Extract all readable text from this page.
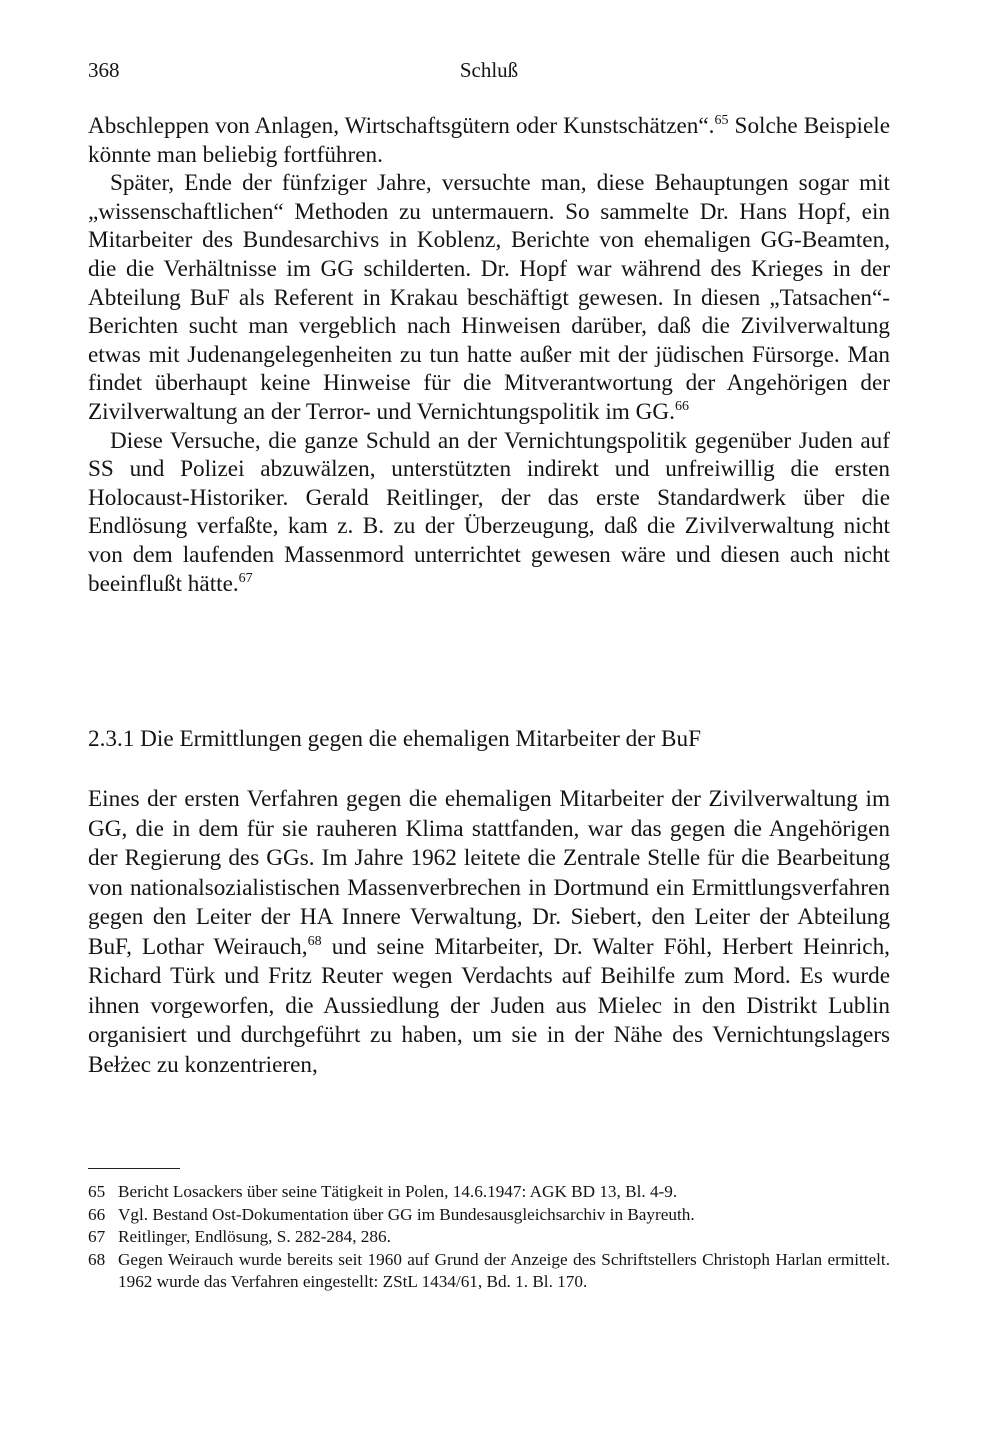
368	Schluß

Abschleppen von Anlagen, Wirtschaftsgütern oder Kunstschätzen“.$^{65}$ Solche Beispiele könnte man beliebig fortführen.

Später, Ende der fünfziger Jahre, versuchte man, diese Behauptungen sogar mit „wissenschaftlichen“ Methoden zu untermauern. So sammelte Dr. Hans Hopf, ein Mitarbeiter des Bundesarchivs in Koblenz, Berichte von ehemaligen GG-Beamten, die die Verhältnisse im GG schilderten. Dr. Hopf war während des Krieges in der Abteilung BuF als Referent in Krakau beschäftigt gewesen. In diesen „Tatsachen“-Berichten sucht man vergeblich nach Hinweisen darüber, daß die Zivilverwaltung etwas mit Judenangelegenheiten zu tun hatte außer mit der jüdischen Fürsorge. Man findet überhaupt keine Hinweise für die Mitverantwortung der Angehörigen der Zivilverwaltung an der Terror- und Vernichtungspolitik im GG.$^{66}$

Diese Versuche, die ganze Schuld an der Vernichtungspolitik gegenüber Juden auf SS und Polizei abzuwälzen, unterstützten indirekt und unfreiwillig die ersten Holocaust-Historiker. Gerald Reitlinger, der das erste Standardwerk über die Endlösung verfaßte, kam z. B. zu der Überzeugung, daß die Zivilverwaltung nicht von dem laufenden Massenmord unterrichtet gewesen wäre und diesen auch nicht beeinflußt hätte.$^{67}$

2.3.1 Die Ermittlungen gegen die ehemaligen Mitarbeiter der BuF

Eines der ersten Verfahren gegen die ehemaligen Mitarbeiter der Zivilverwaltung im GG, die in dem für sie rauheren Klima stattfanden, war das gegen die Angehörigen der Regierung des GGs. Im Jahre 1962 leitete die Zentrale Stelle für die Bearbeitung von nationalsozialistischen Massenverbrechen in Dortmund ein Ermittlungsverfahren gegen den Leiter der HA Innere Verwaltung, Dr. Siebert, den Leiter der Abteilung BuF, Lothar Weirauch,$^{68}$ und seine Mitarbeiter, Dr. Walter Föhl, Herbert Heinrich, Richard Türk und Fritz Reuter wegen Verdachts auf Beihilfe zum Mord. Es wurde ihnen vorgeworfen, die Aussiedlung der Juden aus Mielec in den Distrikt Lublin organisiert und durchgeführt zu haben, um sie in der Nähe des Vernichtungslagers Bełżec zu konzentrieren,

65 Bericht Losackers über seine Tätigkeit in Polen, 14.6.1947: AGK BD 13, Bl. 4-9.
66 Vgl. Bestand Ost-Dokumentation über GG im Bundesausgleichsarchiv in Bayreuth.
67 Reitlinger, Endlösung, S. 282-284, 286.
68 Gegen Weirauch wurde bereits seit 1960 auf Grund der Anzeige des Schriftstellers Christoph Harlan ermittelt. 1962 wurde das Verfahren eingestellt: ZStL 1434/61, Bd. 1. Bl. 170.
